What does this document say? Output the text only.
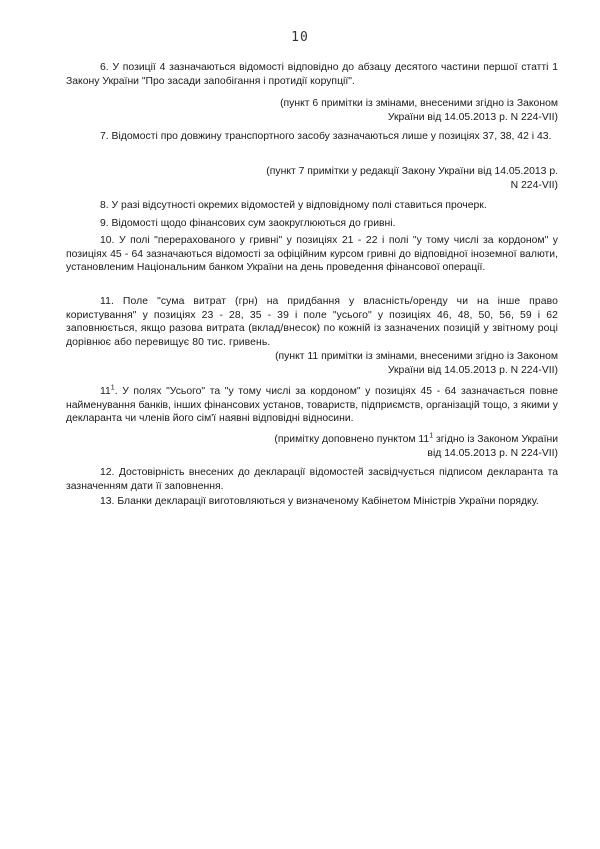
10

6. У позиції 4 зазначаються відомості відповідно до абзацу десятого частини першої статті 1 Закону України "Про засади запобігання і протидії корупції".

(пункт 6 примітки із змінами, внесеними згідно із Законом України від 14.05.2013 р. N 224-VII)

7. Відомості про довжину транспортного засобу зазначаються лише у позиціях 37, 38, 42 і 43.

(пункт 7 примітки у редакції Закону України від 14.05.2013 р. N 224-VII)

8. У разі відсутності окремих відомостей у відповідному полі ставиться прочерк.

9. Відомості щодо фінансових сум заокруглюються до гривні.

10. У полі "перерахованого у гривні" у позиціях 21 - 22 і полі "у тому числі за кордоном" у позиціях 45 - 64 зазначаються відомості за офіційним курсом гривні до відповідної іноземної валюти, установленим Національним банком України на день проведення фінансової операції.

11. Поле "сума витрат (грн) на придбання у власність/оренду чи на інше право користування" у позиціях 23 - 28, 35 - 39 і поле "усього" у позиціях 46, 48, 50, 56, 59 і 62 заповнюється, якщо разова витрата (вклад/внесок) по кожній із зазначених позицій у звітному році дорівнює або перевищує 80 тис. гривень.

(пункт 11 примітки із змінами, внесеними згідно із Законом України від 14.05.2013 р. N 224-VII)

$11^1$. У полях "Усього" та "у тому числі за кордоном" у позиціях 45 - 64 зазначається повне найменування банків, інших фінансових установ, товариств, підприємств, організацій тощо, з якими у декларанта чи членів його сім'ї наявні відповідні відносини.

(примітку доповнено пунктом $11^1$ згідно із Законом України від 14.05.2013 р. N 224-VII)

12. Достовірність внесених до декларації відомостей засвідчується підписом декларанта та зазначенням дати її заповнення.

13. Бланки декларації виготовляються у визначеному Кабінетом Міністрів України порядку.
